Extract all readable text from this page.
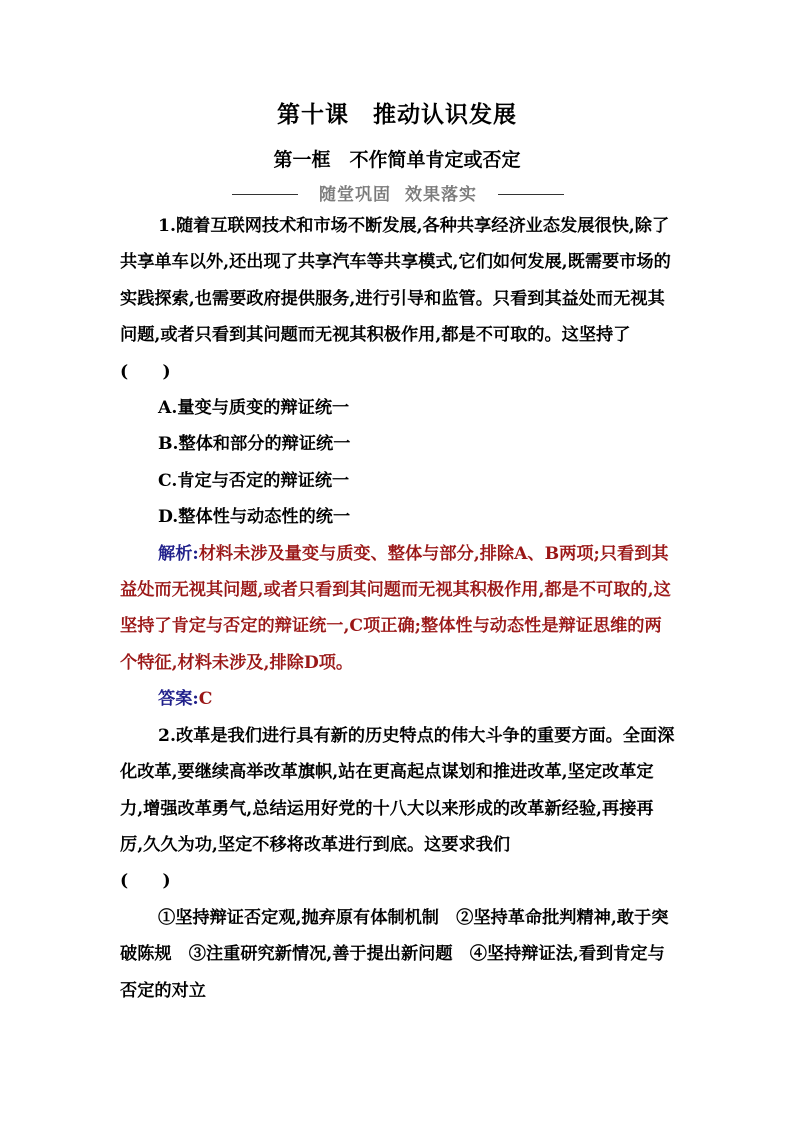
第十课　推动认识发展
第一框　不作简单肯定或否定
随堂巩固 效果落实

1.随着互联网技术和市场不断发展,各种共享经济业态发展很快,除了共享单车以外,还出现了共享汽车等共享模式,它们如何发展,既需要市场的实践探索,也需要政府提供服务,进行引导和监管。只看到其益处而无视其问题,或者只看到其问题而无视其积极作用,都是不可取的。这坚持了 (　　)

A.量变与质变的辩证统一

B.整体和部分的辩证统一

C.肯定与否定的辩证统一

D.整体性与动态性的统一

解析:材料未涉及量变与质变、整体与部分,排除A、B两项;只看到其益处而无视其问题,或者只看到其问题而无视其积极作用,都是不可取的,这坚持了肯定与否定的辩证统一,C项正确;整体性与动态性是辩证思维的两个特征,材料未涉及,排除D项。

答案:C

2.改革是我们进行具有新的历史特点的伟大斗争的重要方面。全面深化改革,要继续高举改革旗帜,站在更高起点谋划和推进改革,坚定改革定力,增强改革勇气,总结运用好党的十八大以来形成的改革新经验,再接再厉,久久为功,坚定不移将改革进行到底。这要求我们
(　　)

①坚持辩证否定观,抛弃原有体制机制　②坚持革命批判精神,敢于突破陈规　③注重研究新情况,善于提出新问题　④坚持辩证法,看到肯定与否定的对立
